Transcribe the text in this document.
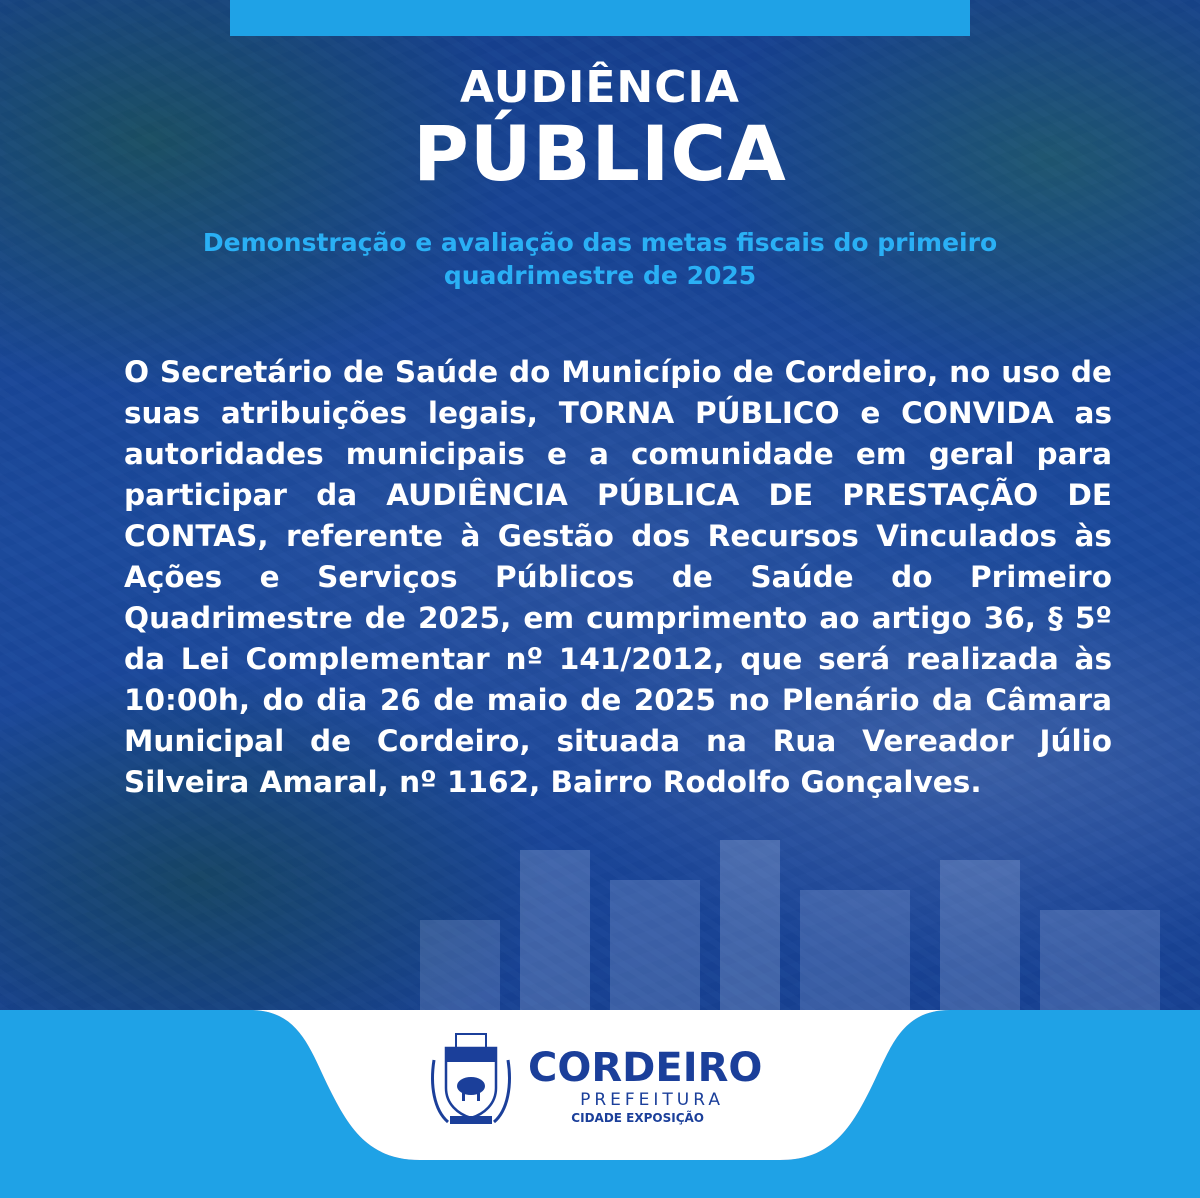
AUDIÊNCIA
PÚBLICA
Demonstração e avaliação das metas fiscais do primeiro quadrimestre de 2025

O Secretário de Saúde do Município de Cordeiro, no uso de suas atribuições legais, TORNA PÚBLICO e CONVIDA as autoridades municipais e a comunidade em geral para participar da AUDIÊNCIA PÚBLICA DE PRESTAÇÃO DE CONTAS, referente à Gestão dos Recursos Vinculados às Ações e Serviços Públicos de Saúde do Primeiro Quadrimestre de 2025, em cumprimento ao artigo 36, § 5º da Lei Complementar nº 141/2012, que será realizada às 10:00h, do dia 26 de maio de 2025 no Plenário da Câmara Municipal de Cordeiro, situada na Rua Vereador Júlio Silveira Amaral, nº 1162, Bairro Rodolfo Gonçalves.

CORDEIRO
PREFEITURA
CIDADE EXPOSIÇÃO
